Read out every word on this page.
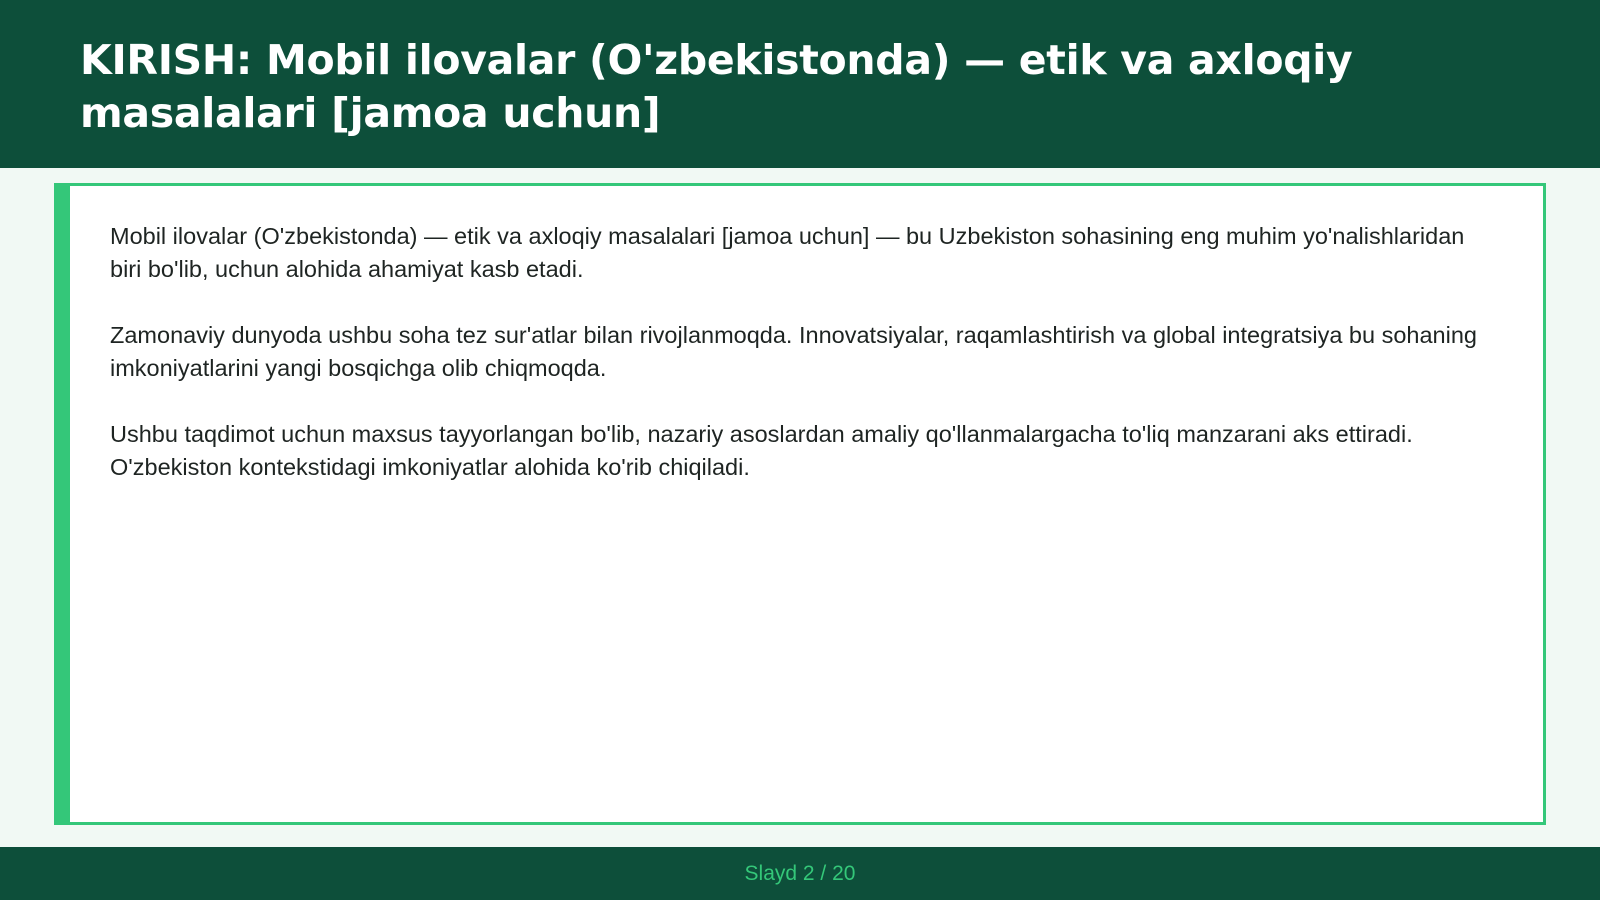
KIRISH: Mobil ilovalar (O'zbekistonda) — etik va axloqiy masalalari [jamoa uchun]

Mobil ilovalar (O'zbekistonda) — etik va axloqiy masalalari [jamoa uchun] — bu Uzbekiston sohasining eng muhim yo'nalishlaridan biri bo'lib, uchun alohida ahamiyat kasb etadi.

Zamonaviy dunyoda ushbu soha tez sur'atlar bilan rivojlanmoqda. Innovatsiyalar, raqamlashtirish va global integratsiya bu sohaning imkoniyatlarini yangi bosqichga olib chiqmoqda.

Ushbu taqdimot uchun maxsus tayyorlangan bo'lib, nazariy asoslardan amaliy qo'llanmalargacha to'liq manzarani aks ettiradi. O'zbekiston kontekstidagi imkoniyatlar alohida ko'rib chiqiladi.

Slayd 2 / 20
